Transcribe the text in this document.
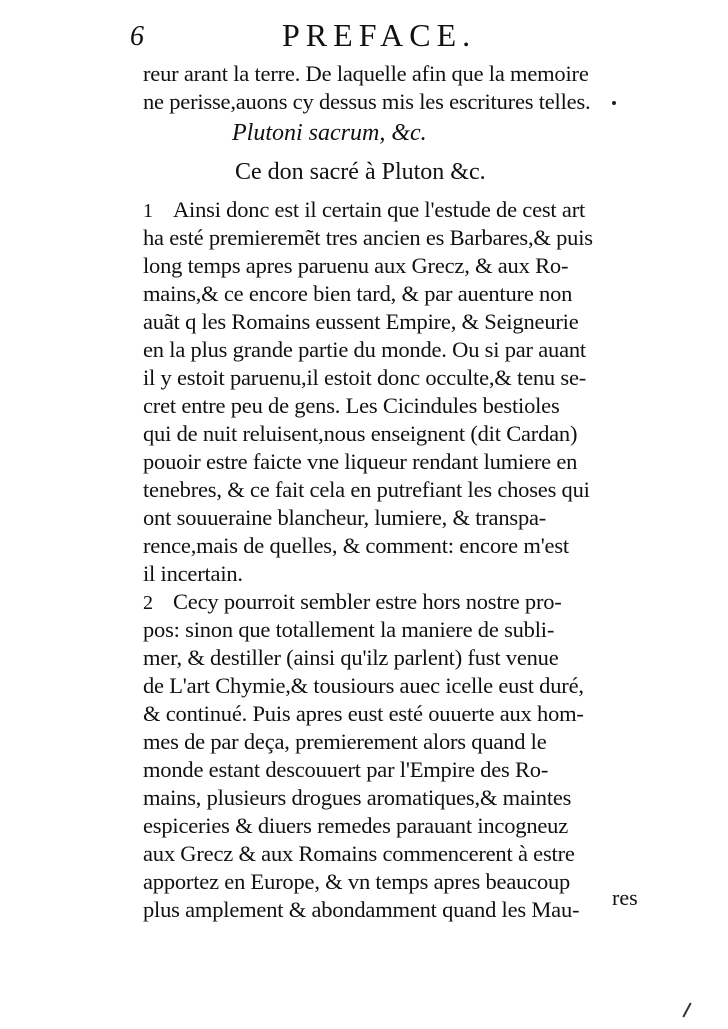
6	PREFACE.
reur arant la terre. De laquelle afin que la memoire
ne perisse,auons cy dessus mis les escritures telles.
Plutoni sacrum, &c.
Ce don sacré à Pluton &c.
1 Ainsi donc est il certain que l'estude de cest art
ha esté premieremẽt tres ancien es Barbares,& puis
long temps apres paruenu aux Grecz, & aux Ro-
mains,& ce encore bien tard, & par auenture non
auãt q les Romains eussent Empire, & Seigneurie
en la plus grande partie du monde. Ou si par auant
il y estoit paruenu,il estoit donc occulte,& tenu se-
cret entre peu de gens. Les Cicindules bestioles
qui de nuit reluisent,nous enseignent (dit Cardan)
pouoir estre faicte vne liqueur rendant lumiere en
tenebres, & ce fait cela en putrefiant les choses qui
ont souueraine blancheur, lumiere, & transpa-
rence,mais de quelles, & comment: encore m'est
il incertain.
2 Cecy pourroit sembler estre hors nostre pro-
pos: sinon que totallement la maniere de subli-
mer, & destiller (ainsi qu'ilz parlent) fust venue
de L'art Chymie,& tousiours auec icelle eust duré,
& continué. Puis apres eust esté ouuerte aux hom-
mes de par deça, premierement alors quand le
monde estant descouuert par l'Empire des Ro-
mains, plusieurs drogues aromatiques,& maintes
espiceries & diuers remedes parauant incogneuz
aux Grecz & aux Romains commencerent à estre
apportez en Europe, & vn temps apres beaucoup
plus amplement & abondamment quand les Mau- res
